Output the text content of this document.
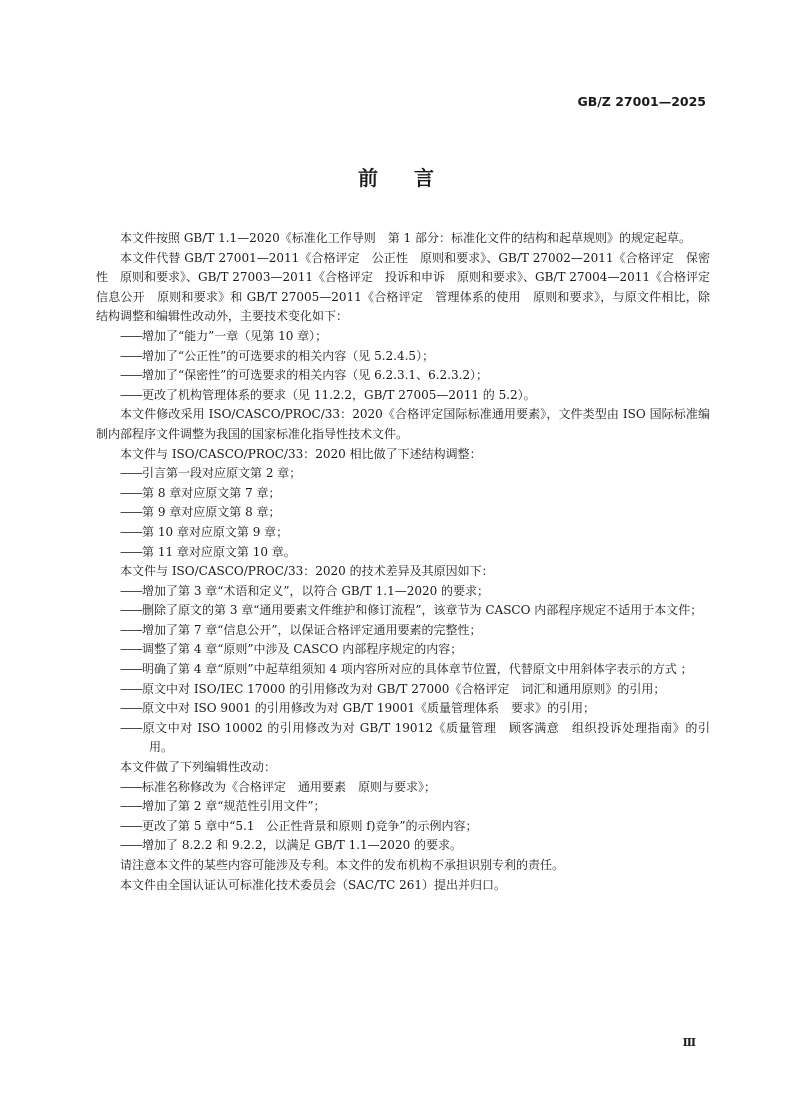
GB/Z 27001—2025
前言

本文件按照 GB/T 1.1—2020《标准化工作导则　第 1 部分：标准化文件的结构和起草规则》的规定起草。

本文件代替 GB/T 27001—2011《合格评定　公正性　原则和要求》、GB/T 27002—2011《合格评定　保密性　原则和要求》、GB/T 27003—2011《合格评定　投诉和申诉　原则和要求》、GB/T 27004—2011《合格评定　信息公开　原则和要求》和 GB/T 27005—2011《合格评定　管理体系的使用　原则和要求》，与原文件相比，除结构调整和编辑性改动外，主要技术变化如下：

—— 增加了“能力”一章（见第 10 章）；
—— 增加了“公正性”的可选要求的相关内容（见 5.2.4.5）；
—— 增加了“保密性”的可选要求的相关内容（见 6.2.3.1、6.2.3.2）；
—— 更改了机构管理体系的要求（见 11.2.2，GB/T 27005—2011 的 5.2）。

本文件修改采用 ISO/CASCO/PROC/33：2020《合格评定国际标准通用要素》，文件类型由 ISO 国际标准编制内部程序文件调整为我国的国家标准化指导性技术文件。

本文件与 ISO/CASCO/PROC/33：2020 相比做了下述结构调整：

—— 引言第一段对应原文第 2 章；
—— 第 8 章对应原文第 7 章；
—— 第 9 章对应原文第 8 章；
—— 第 10 章对应原文第 9 章；
—— 第 11 章对应原文第 10 章。

本文件与 ISO/CASCO/PROC/33：2020 的技术差异及其原因如下：

—— 增加了第 3 章“术语和定义”，以符合 GB/T 1.1—2020 的要求；
—— 删除了原文的第 3 章“通用要素文件维护和修订流程”，该章节为 CASCO 内部程序规定不适用于本文件；
—— 增加了第 7 章“信息公开”，以保证合格评定通用要素的完整性；
—— 调整了第 4 章“原则”中涉及 CASCO 内部程序规定的内容；
—— 明确了第 4 章“原则”中起草组须知 4 项内容所对应的具体章节位置，代替原文中用斜体字表示的方式 ；
—— 原文中对 ISO/IEC 17000 的引用修改为对 GB/T 27000《合格评定　词汇和通用原则》的引用；
—— 原文中对 ISO 9001 的引用修改为对 GB/T 19001《质量管理体系　要求》的引用；
—— 原文中对 ISO 10002 的引用修改为对 GB/T 19012《质量管理　顾客满意　组织投诉处理指南》的引用。

本文件做了下列编辑性改动：

—— 标准名称修改为《合格评定　通用要素　原则与要求》；
—— 增加了第 2 章“规范性引用文件”；
—— 更改了第 5 章中“5.1　公正性背景和原则 f)竞争”的示例内容；
—— 增加了 8.2.2 和 9.2.2，以满足 GB/T 1.1—2020 的要求。

请注意本文件的某些内容可能涉及专利。本文件的发布机构不承担识别专利的责任。

本文件由全国认证认可标准化技术委员会（SAC/TC 261）提出并归口。

Ⅲ
